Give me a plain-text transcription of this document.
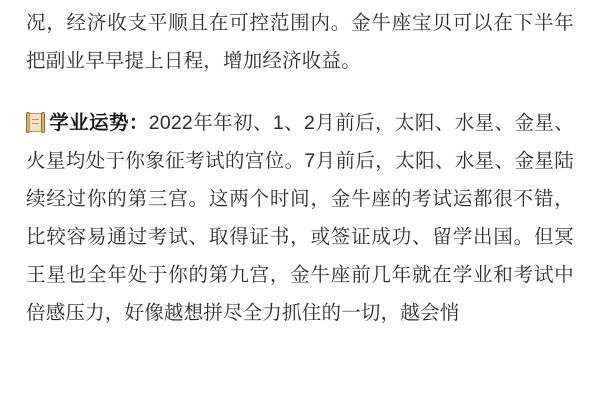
况，经济收支平顺且在可控范围内。金牛座宝贝可以在下半年把副业早早提上日程，增加经济收益。

学业运势：2022年年初、1、2月前后，太阳、水星、金星、火星均处于你象征考试的宫位。7月前后，太阳、水星、金星陆续经过你的第三宫。这两个时间，金牛座的考试运都很不错，比较容易通过考试、取得证书，或签证成功、留学出国。但冥王星也全年处于你的第九宫，金牛座前几年就在学业和考试中倍感压力，好像越想拼尽全力抓住的一切，越会悄
